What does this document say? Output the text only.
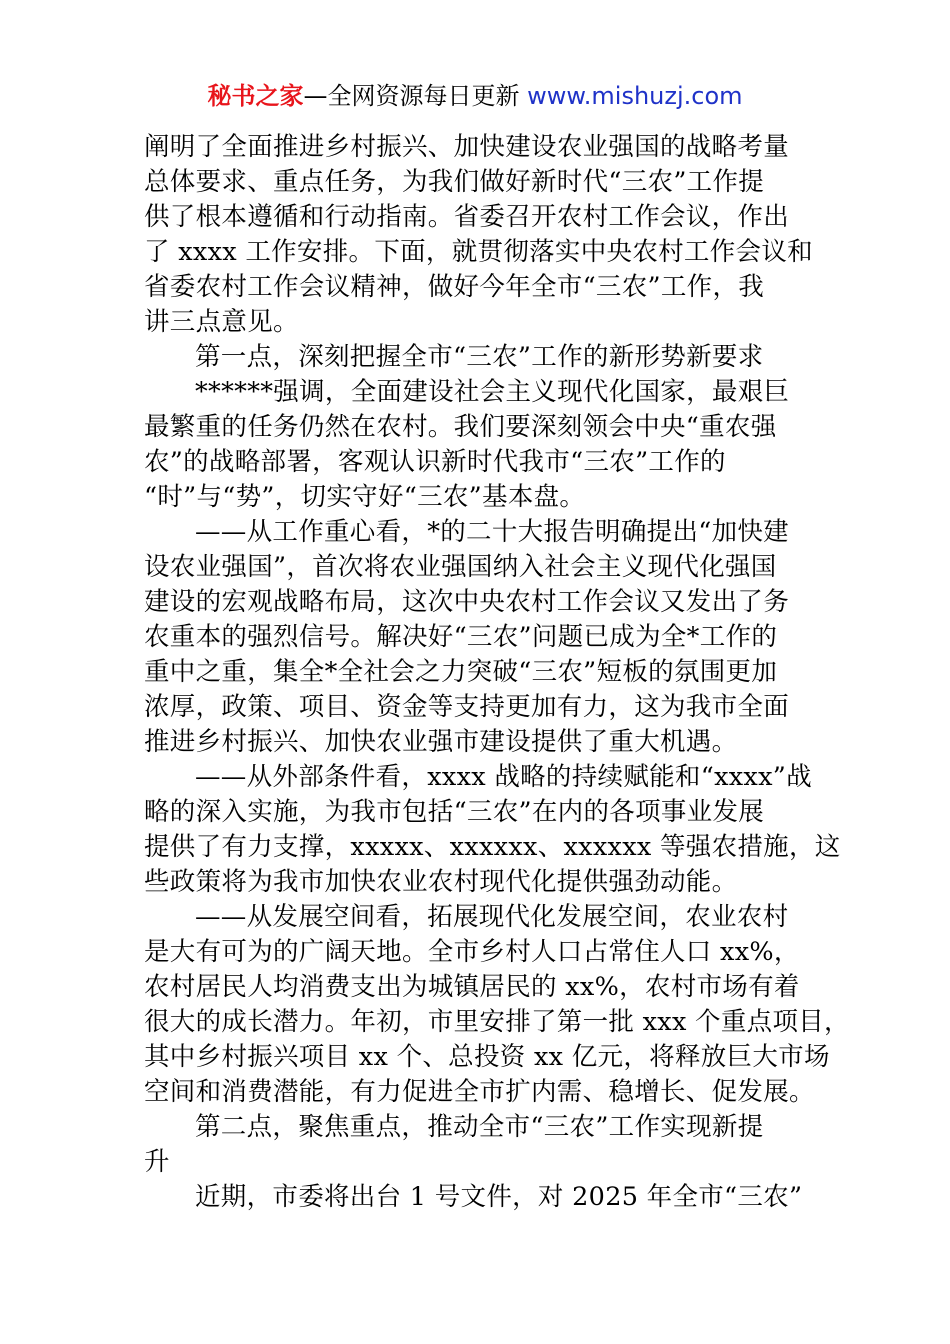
秘书之家—全网资源每日更新 www.mishuzj.com
阐明了全面推进乡村振兴、加快建设农业强国的战略考量
总体要求、重点任务，为我们做好新时代“三农”工作提
供了根本遵循和行动指南。省委召开农村工作会议，作出
了 xxxx 工作安排。下面，就贯彻落实中央农村工作会议和
省委农村工作会议精神，做好今年全市“三农”工作，我
讲三点意见。
第一点，深刻把握全市“三农”工作的新形势新要求
******强调，全面建设社会主义现代化国家，最艰巨
最繁重的任务仍然在农村。我们要深刻领会中央“重农强
农”的战略部署，客观认识新时代我市“三农”工作的
“时”与“势”，切实守好“三农”基本盘。
——从工作重心看，*的二十大报告明确提出“加快建
设农业强国”，首次将农业强国纳入社会主义现代化强国
建设的宏观战略布局，这次中央农村工作会议又发出了务
农重本的强烈信号。解决好“三农”问题已成为全*工作的
重中之重，集全*全社会之力突破“三农”短板的氛围更加
浓厚，政策、项目、资金等支持更加有力，这为我市全面
推进乡村振兴、加快农业强市建设提供了重大机遇。
——从外部条件看，xxxx 战略的持续赋能和“xxxx”战
略的深入实施，为我市包括“三农”在内的各项事业发展
提供了有力支撑，xxxxx、xxxxxx、xxxxxx 等强农措施，这
些政策将为我市加快农业农村现代化提供强劲动能。
——从发展空间看，拓展现代化发展空间，农业农村
是大有可为的广阔天地。全市乡村人口占常住人口 xx%，
农村居民人均消费支出为城镇居民的 xx%，农村市场有着
很大的成长潜力。年初，市里安排了第一批 xxx 个重点项目，
其中乡村振兴项目 xx 个、总投资 xx 亿元，将释放巨大市场
空间和消费潜能，有力促进全市扩内需、稳增长、促发展。
第二点，聚焦重点，推动全市“三农”工作实现新提
升
近期，市委将出台 1 号文件，对 2025 年全市“三农”
